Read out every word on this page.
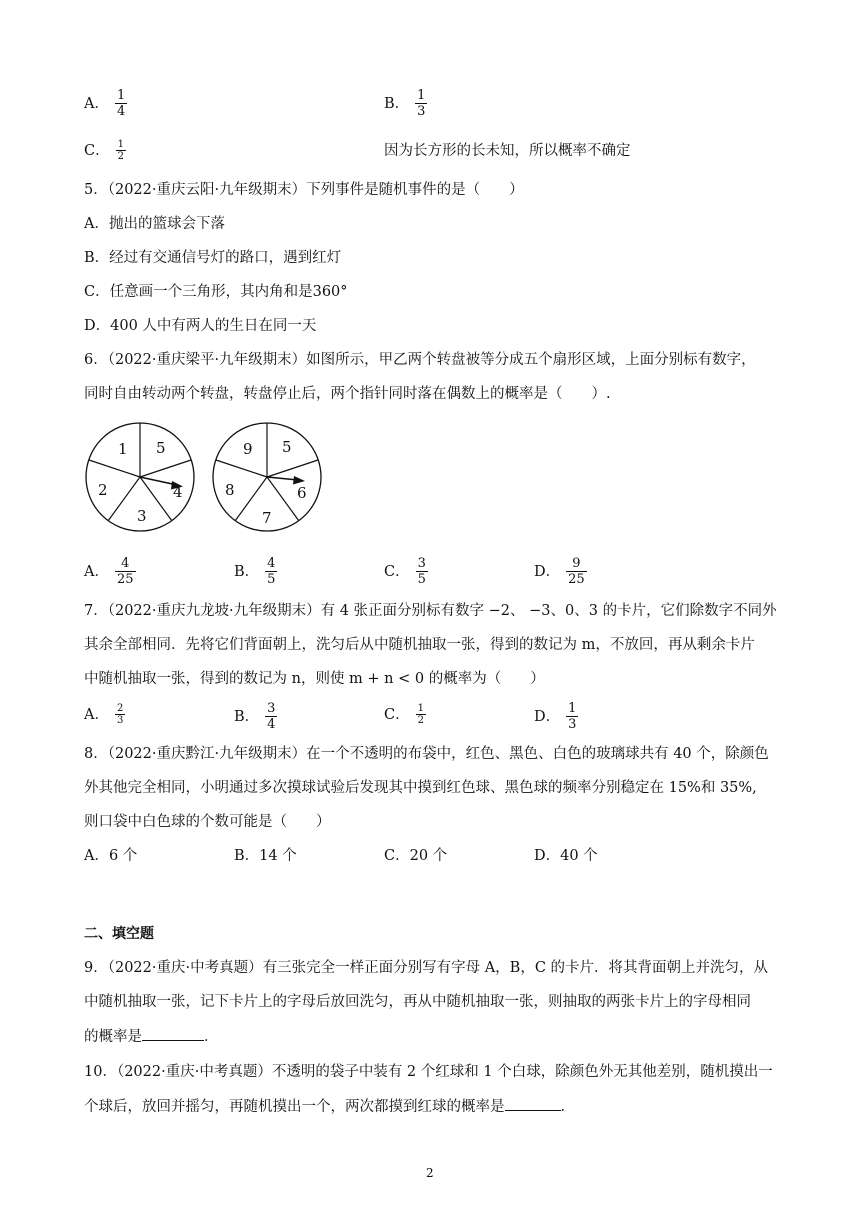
A． $\frac{1}{4}$	B． $\frac{1}{3}$
C． $\frac{1}{2}$	因为长方形的长未知，所以概率不确定
5．（2022·重庆云阳·九年级期末）下列事件是随机事件的是（　　）
A．抛出的篮球会下落
B．经过有交通信号灯的路口，遇到红灯
C．任意画一个三角形，其内角和是360°
D．400 人中有两人的生日在同一天
6．（2022·重庆梁平·九年级期末）如图所示，甲乙两个转盘被等分成五个扇形区域，上面分别标有数字，
同时自由转动两个转盘，转盘停止后，两个指针同时落在偶数上的概率是（　　）.
1 5
4
3
2
9 5
6
7
8
A． $\frac{4}{25}$	B． $\frac{4}{5}$	C． $\frac{3}{5}$	D． $\frac{9}{25}$
7．（2022·重庆九龙坡·九年级期末）有 4 张正面分别标有数字 −2、 −3、0、3 的卡片，它们除数字不同外
其余全部相同．先将它们背面朝上，洗匀后从中随机抽取一张，得到的数记为 m，不放回，再从剩余卡片
中随机抽取一张，得到的数记为 n，则使 m + n < 0 的概率为（　　）
A． $\frac{2}{3}$	B． $\frac{3}{4}$	C． $\frac{1}{2}$	D． $\frac{1}{3}$
8．（2022·重庆黔江·九年级期末）在一个不透明的布袋中，红色、黑色、白色的玻璃球共有 40 个，除颜色
外其他完全相同，小明通过多次摸球试验后发现其中摸到红色球、黑色球的频率分别稳定在 15%和 35%,
则口袋中白色球的个数可能是（　　）
A．6 个	B．14 个	C．20 个	D．40 个
二、填空题
9．（2022·重庆·中考真题）有三张完全一样正面分别写有字母 A，B，C 的卡片．将其背面朝上并洗匀，从
中随机抽取一张，记下卡片上的字母后放回洗匀，再从中随机抽取一张，则抽取的两张卡片上的字母相同
的概率是	．
10．（2022·重庆·中考真题）不透明的袋子中装有 2 个红球和 1 个白球，除颜色外无其他差别，随机摸出一
个球后，放回并摇匀，再随机摸出一个，两次都摸到红球的概率是	．
2
